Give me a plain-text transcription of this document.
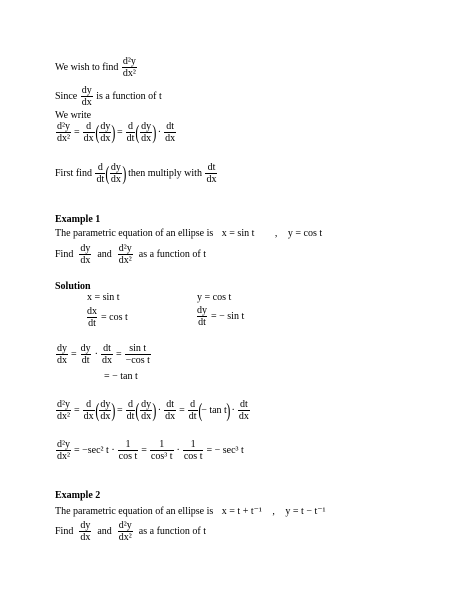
We wish to find
$\frac{\text{d²y}}{\text{dx²}}$
Since
$\frac{dy}{dx}$
is a function of t
We write
$\frac{\text{d²y}}{\text{dx²}} = \frac{d}{dx}$ ( $\frac{dy}{dx}$ ) = $\frac{d}{dt}$ ( $\frac{dy}{dx}$ ) · $\frac{dt}{dx}$
First find
$\frac{d}{dt}$ ( $\frac{dy}{dx}$ )
then multiply with
$\frac{dt}{dx}$
Example 1
The parametric equation of an ellipse is x = sin t , y = cos t
Find
$\frac{dy}{dx}$
and
$\frac{\text{d²y}}{\text{dx²}}$
as a function of t
Solution
x = sin t	y = cos t
$\frac{dx}{dt} = \cos t$	$\frac{dy}{dt}$ = − sin t
$\frac{dy}{dx} = \frac{dy}{dt} \cdot \frac{dt}{dx} = \frac{\text{sin t}}{\text{−cos t}}$
= − tan t
$\frac{\text{d²y}}{\text{dx²}} = \frac{d}{dx}$ ( $\frac{dy}{dx}$ ) = $\frac{d}{dt}$ ( $\frac{dy}{dx}$ ) · $\frac{dt}{dx} = \frac{d}{dt}$ ( − tan t ) · $\frac{dt}{dx}$
$\frac{\text{d²y}}{\text{dx²}} = -\sec^2$ $t \cdot \frac{1}{\text{cos t}} = \frac{1}{\text{cos³ t}} \cdot \frac{1}{\text{cos t}}$ = − sec³ t
Example 2
The parametric equation of an ellipse is x = t + t⁻¹ , y = t − t⁻¹
Find
$\frac{dy}{dx}$
and
$\frac{\text{d²y}}{\text{dx²}}$
as a function of t
